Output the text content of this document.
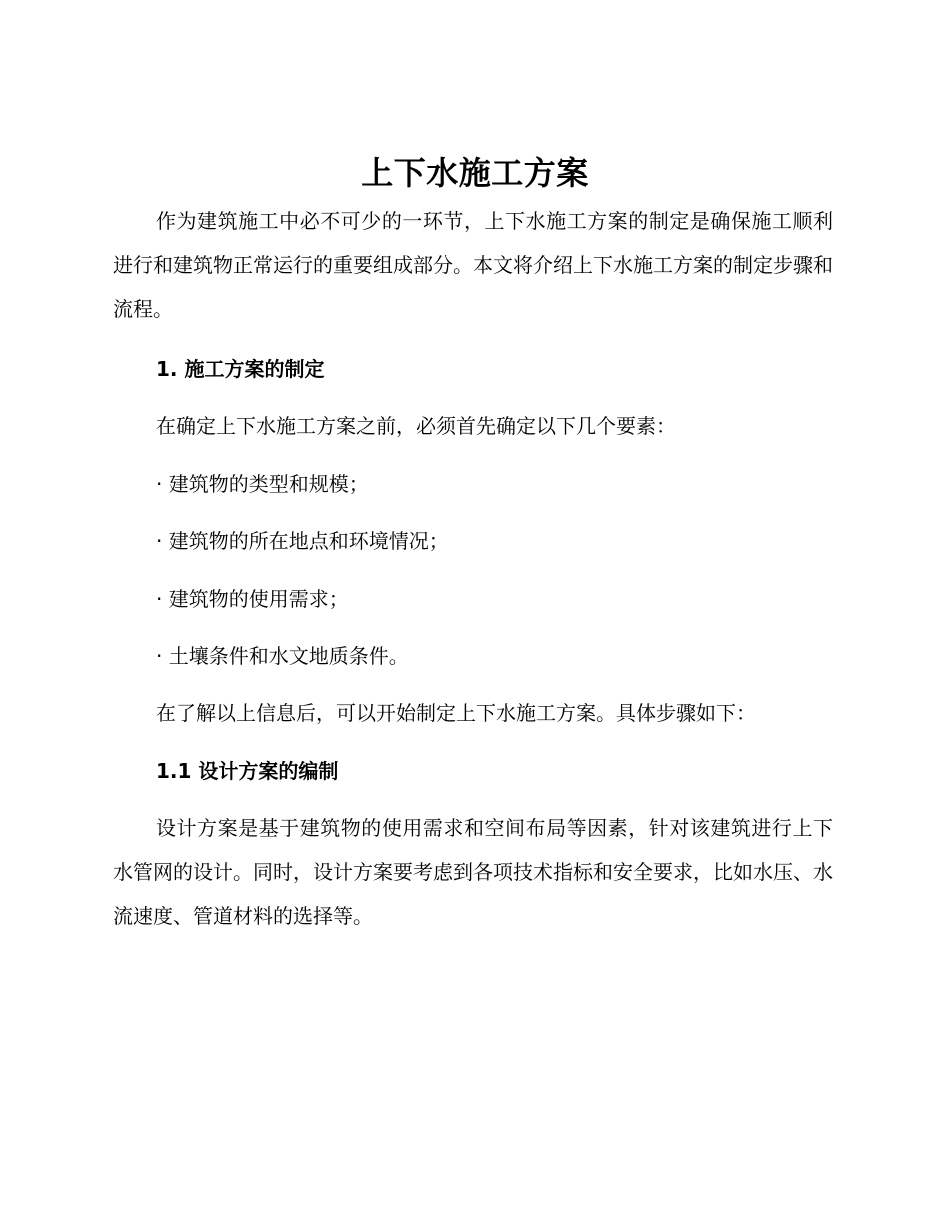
上下水施工方案

作为建筑施工中必不可少的一环节，上下水施工方案的制定是确保施工顺利进行和建筑物正常运行的重要组成部分。本文将介绍上下水施工方案的制定步骤和流程。

1. 施工方案的制定

在确定上下水施工方案之前，必须首先确定以下几个要素：

· 建筑物的类型和规模；

· 建筑物的所在地点和环境情况；

· 建筑物的使用需求；

· 土壤条件和水文地质条件。

在了解以上信息后，可以开始制定上下水施工方案。具体步骤如下：

1.1 设计方案的编制

设计方案是基于建筑物的使用需求和空间布局等因素，针对该建筑进行上下水管网的设计。同时，设计方案要考虑到各项技术指标和安全要求，比如水压、水流速度、管道材料的选择等。
